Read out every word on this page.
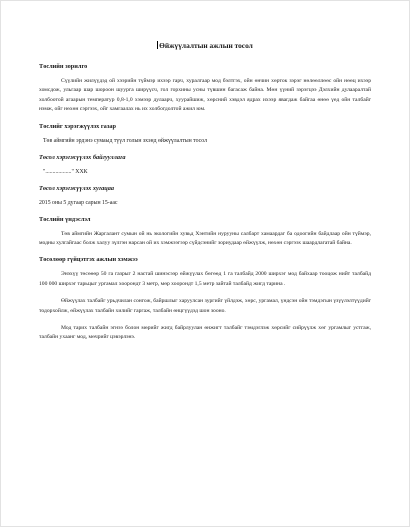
Өйжүүлалтын ажлын тосол
Төслийн зорилго

Сүүлийн жилүүдэд ой хээрийн түймэр ихээр гарч, хуралгаар мод бэлтгэх, ойн өнчин хөрток зэрэг нөлөөллөөс ойн нөөц ихээр хомсдож, ульгаар шар шороон шуурга ширүүсч, гол горхины усны түвшин багасаж байна. Мөн үүний зэрэгцээ Дэлхийн дулааралтай холбоотой агаарын температур 0,8-1,0 хэмээр дулаарч, хуурайшиж, хөрсний хэвдэл ядрах ихээр явагдаж байгаа өнөө үед ойн талбайг нэмж, ойг нөхөн сэргээх, ойг хамгаалах нь их холбогдолтой ажил юм.

Төслийг хэрэгжүүлэх газар

Төв аймгийн эрдэнэ сумаыд түүл голын эхэнд өйжүүлалтын тосол

Төсол хэрэгжүүлэх байгууллага

".................." ХХК

Төсол хэрэгжүүлэх хугацаа

2015 оны 5 дугаар сарын 15-аас

Төслийн үндэслэл

Төв аймгийн Жаргалант сумын ой нь экологийн хувьд Хэнтийн нурууны салбарт хамаардаг ба одоогийн байдлаар ойн түймэр, модны хулгайгаас болж халуу зүлгэн нарсан ой их хэмжээгээр сүйдсэнийг зориудаар өйжүүлж, нөхөн сэргээх шаардлагатай байна.

Төсөлөөр гүйцэтгэх ажлын хэмжээ

Энэхүү төсөөөр 50 га газрыг 2 настай шинэсээр өйжүүлах бөгөөд 1 га талбайд 2000 ширхэг мод байхаар тооцож нийт талбайд 100 000 ширхэг тарьцыг ургамал хоорондт 3 метр, мөр хоорондт 1,5 метр зайтай талбайд жигд тарина .

Өйжүүлах талбайг урьдчилан сонгож, байршлыг харуулсан зургийг үйлдэж, хөрс, ургамал, үндсэн ойн тэмдэгын үзүүлэлтүүдийг тодорхойлж, өйжүүлах талбайн хилийг гаргаж, талбайн өнцгүүдэд шон зооно.

Мод тарих талбайн эгнээ болон мөрийг жигд байрлуулан өнжигт талбайг тэмдэглэж хөрсийг сийрүүлж хөг ургамлыг устгаж, талбайн ухаанг мод, мөчрийг цэвэрлэнэ.
